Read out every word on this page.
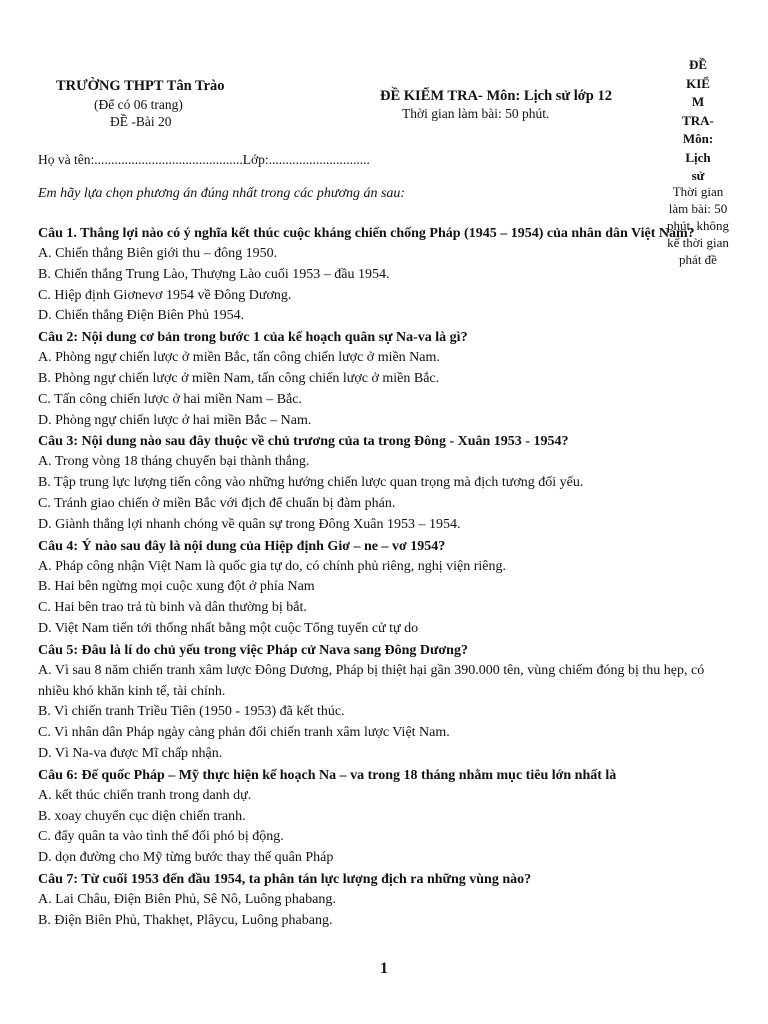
TRƯỜNG THPT Tân Trào
(Để có 06 trang)
ĐỀ -Bài 20
ĐỀ KIỂM TRA- Môn: Lịch sử lớp 12
Thời gian làm bài: 50 phút.
ĐỀ
KIỂ
M
TRA-
Môn:
Lịch
sử
Thời gian
làm bài: 50
phút, không
kể thời gian
phát đề
Họ và tên:............................................Lớp:..............................
Em hãy lựa chọn phương án đúng nhất trong các phương án sau:
Câu 1. Thắng lợi nào có ý nghĩa kết thúc cuộc kháng chiến chống Pháp (1945 – 1954) của nhân dân Việt Nam?
A. Chiến thắng Biên giới thu – đông 1950.
B. Chiến thắng Trung Lào, Thượng Lào cuối 1953 – đầu 1954.
C. Hiệp định Giơnevơ 1954 về Đông Dương.
D. Chiến thắng Điện Biên Phủ 1954.
Câu 2: Nội dung cơ bản trong bước 1 của kế hoạch quân sự Na-va là gì?
A. Phòng ngự chiến lược ở miền Bắc, tấn công chiến lược ở miền Nam.
B. Phòng ngự chiến lược ở miền Nam, tấn công chiến lược ở miền Bắc.
C. Tấn công chiến lược ở hai miền Nam – Bắc.
D. Phòng ngự chiến lược ở hai miền Bắc – Nam.
Câu 3: Nội dung nào sau đây thuộc về chủ trương của ta trong Đông - Xuân 1953 - 1954?
A. Trong vòng 18 tháng chuyển bại thành thắng.
B. Tập trung lực lượng tiến công vào những hướng chiến lược quan trọng mà địch tương đối yếu.
C. Tránh giao chiến ở miền Bắc với địch để chuẩn bị đàm phán.
D. Giành thắng lợi nhanh chóng về quân sự trong Đông Xuân 1953 – 1954.
Câu 4: Ý nào sau đây là nội dung của Hiệp định Giơ – ne – vơ 1954?
A. Pháp công nhận Việt Nam là quốc gia tự do, có chính phủ riêng, nghị viện riêng.
B. Hai bên ngừng mọi cuộc xung đột ở phía Nam
C. Hai bên trao trả tù binh và dân thường bị bắt.
D. Việt Nam tiến tới thống nhất bằng một cuộc Tổng tuyển cử tự do
Câu 5: Đâu là lí do chủ yếu trong việc Pháp cử Nava sang Đông Dương?
A. Vì sau 8 năm chiến tranh xâm lược Đông Dương, Pháp bị thiệt hại gần 390.000 tên, vùng chiếm đóng bị thu hẹp, có nhiều khó khăn kinh tế, tài chính.
B. Vì chiến tranh Triều Tiên (1950 - 1953) đã kết thúc.
C. Vì nhân dân Pháp ngày càng phản đối chiến tranh xâm lược Việt Nam.
D. Vì Na-va được Mĩ chấp nhận.
Câu 6: Đế quốc Pháp – Mỹ thực hiện kế hoạch Na – va trong 18 tháng nhằm mục tiêu lớn nhất là
A. kết thúc chiến tranh trong danh dự.
B. xoay chuyển cục diện chiến tranh.
C. đẩy quân ta vào tình thế đối phó bị động.
D. dọn đường cho Mỹ từng bước thay thế quân Pháp
Câu 7: Từ cuối 1953 đến đầu 1954, ta phân tán lực lượng địch ra những vùng nào?
A. Lai Châu, Điện Biên Phủ, Sê Nô, Luông phabang.
B. Điện Biên Phủ, Thakhẹt, Plâycu, Luông phabang.
1
